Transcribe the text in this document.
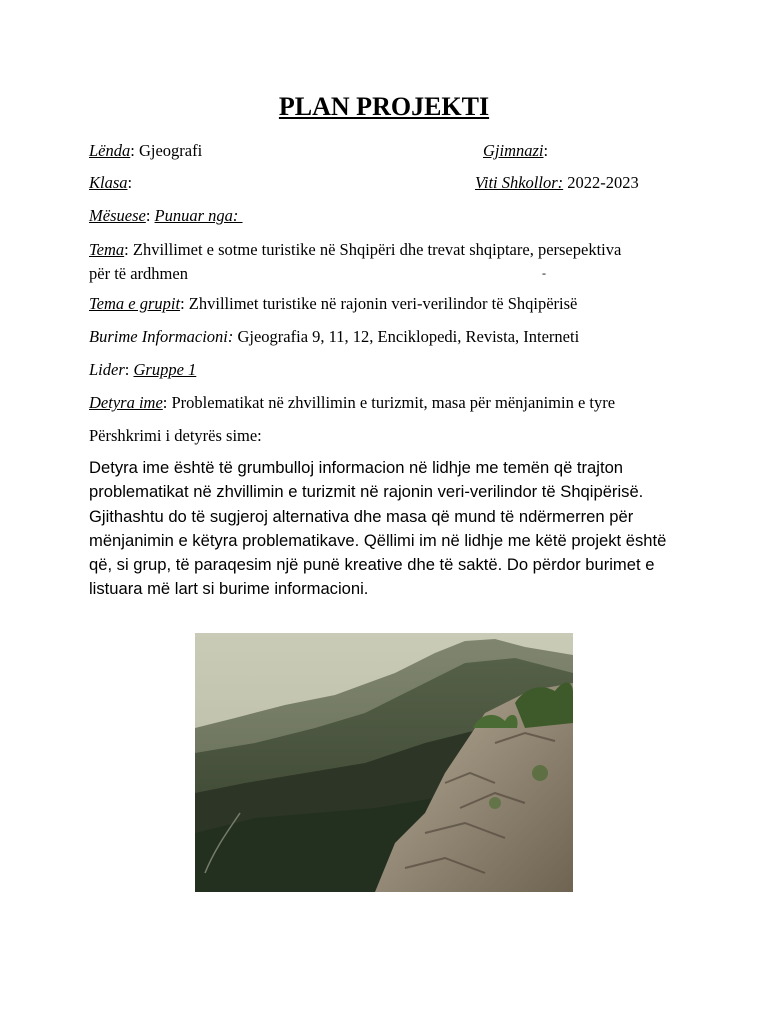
PLAN PROJEKTI
Lënda: Gjeografi	Gjimnazi:
Klasa:	Viti Shkollor: 2022-2023
Mësuese: Punuar nga:
Tema: Zhvillimet e sotme turistike në Shqipëri dhe trevat shqiptare, persepektiva
për të ardhmen	-
Tema e grupit: Zhvillimet turistike në rajonin veri-verilindor të Shqipërisë
Burime Informacioni: Gjeografia 9, 11, 12, Enciklopedi, Revista, Interneti
Lider: Gruppe 1
Detyra ime: Problematikat në zhvillimin e turizmit, masa për mënjanimin e tyre
Përshkrimi i detyrës sime:
Detyra ime është të grumbulloj informacion në lidhje me temën që trajton
problematikat në zhvillimin e turizmit në rajonin veri-verilindor të Shqipërisë.
Gjithashtu do të sugjeroj alternativa dhe masa që mund të ndërmerren për
mënjanimin e këtyra problematikave. Qëllimi im në lidhje me këtë projekt është
që, si grup, të paraqesim një punë kreative dhe të saktë. Do përdor burimet e
listuara më lart si burime informacioni.
